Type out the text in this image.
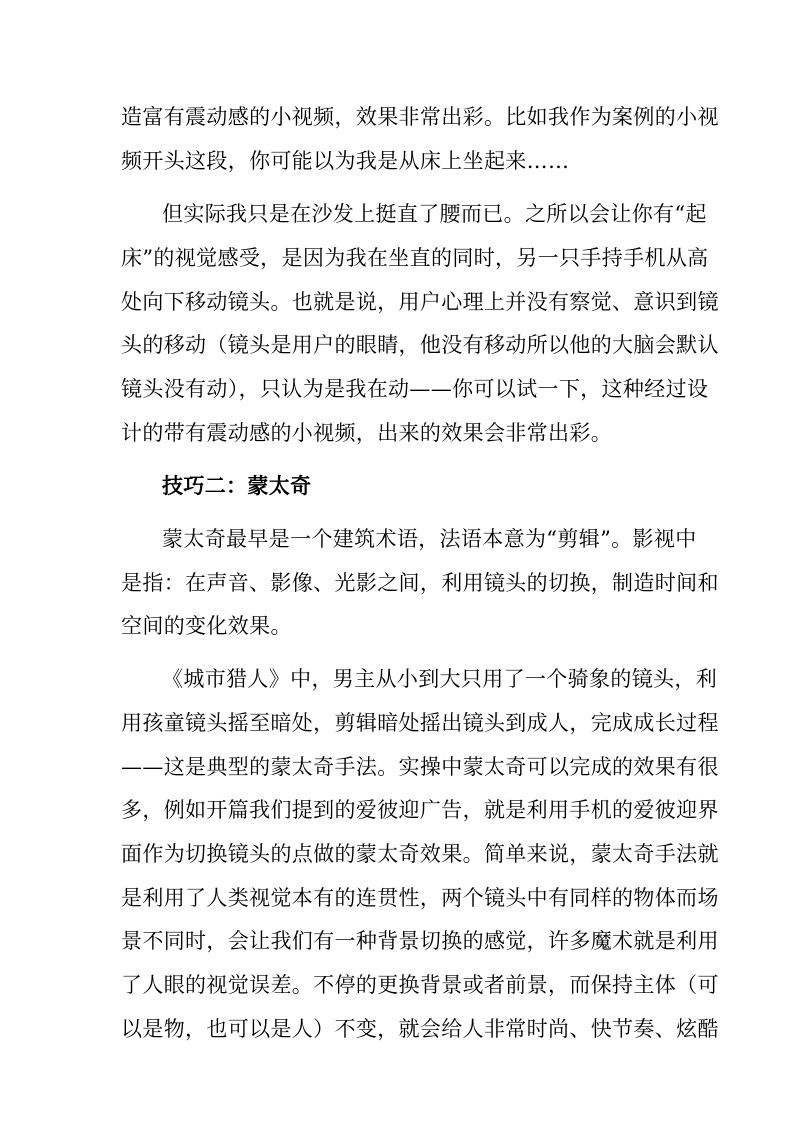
造富有震动感的小视频，效果非常出彩。比如我作为案例的小视
频开头这段，你可能以为我是从床上坐起来……
但实际我只是在沙发上挺直了腰而已。之所以会让你有“起
床”的视觉感受，是因为我在坐直的同时，另一只手持手机从高
处向下移动镜头。也就是说，用户心理上并没有察觉、意识到镜
头的移动（镜头是用户的眼睛，他没有移动所以他的大脑会默认
镜头没有动），只认为是我在动——你可以试一下，这种经过设
计的带有震动感的小视频，出来的效果会非常出彩。
技巧二：蒙太奇
蒙太奇最早是一个建筑术语，法语本意为“剪辑”。影视中
是指：在声音、影像、光影之间，利用镜头的切换，制造时间和
空间的变化效果。
《城市猎人》中，男主从小到大只用了一个骑象的镜头，利
用孩童镜头摇至暗处，剪辑暗处摇出镜头到成人，完成成长过程
——这是典型的蒙太奇手法。实操中蒙太奇可以完成的效果有很
多，例如开篇我们提到的爱彼迎广告，就是利用手机的爱彼迎界
面作为切换镜头的点做的蒙太奇效果。简单来说，蒙太奇手法就
是利用了人类视觉本有的连贯性，两个镜头中有同样的物体而场
景不同时，会让我们有一种背景切换的感觉，许多魔术就是利用
了人眼的视觉误差。不停的更换背景或者前景，而保持主体（可
以是物，也可以是人）不变，就会给人非常时尚、快节奏、炫酷
